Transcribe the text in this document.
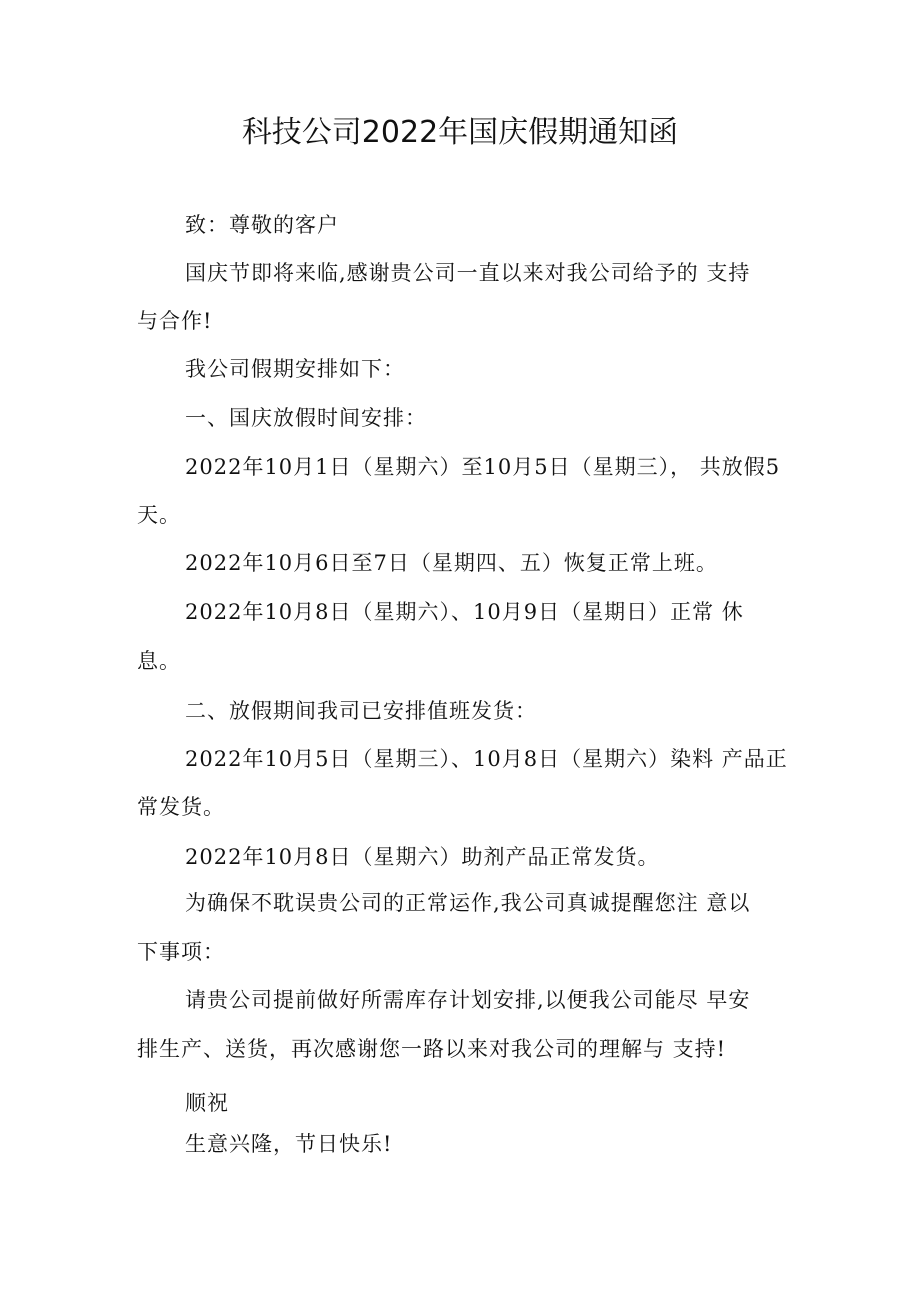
科技公司2022年国庆假期通知函
致：尊敬的客户
国庆节即将来临,感谢贵公司一直以来对我公司给予的 支持
与合作!
我公司假期安排如下：
一、国庆放假时间安排：
2022年10月1日（星期六）至10月5日（星期三）， 共放假5
天。
2022年10月6日至7日（星期四、五）恢复正常上班。
2022年10月8日（星期六）、10月9日（星期日）正常 休
息。
二、放假期间我司已安排值班发货：
2022年10月5日（星期三）、10月8日（星期六）染料 产品正
常发货。
2022年10月8日（星期六）助剂产品正常发货。
为确保不耽误贵公司的正常运作,我公司真诚提醒您注 意以
下事项：
请贵公司提前做好所需库存计划安排,以便我公司能尽 早安
排生产、送货，再次感谢您一路以来对我公司的理解与 支持!
顺祝
生意兴隆，节日快乐!
